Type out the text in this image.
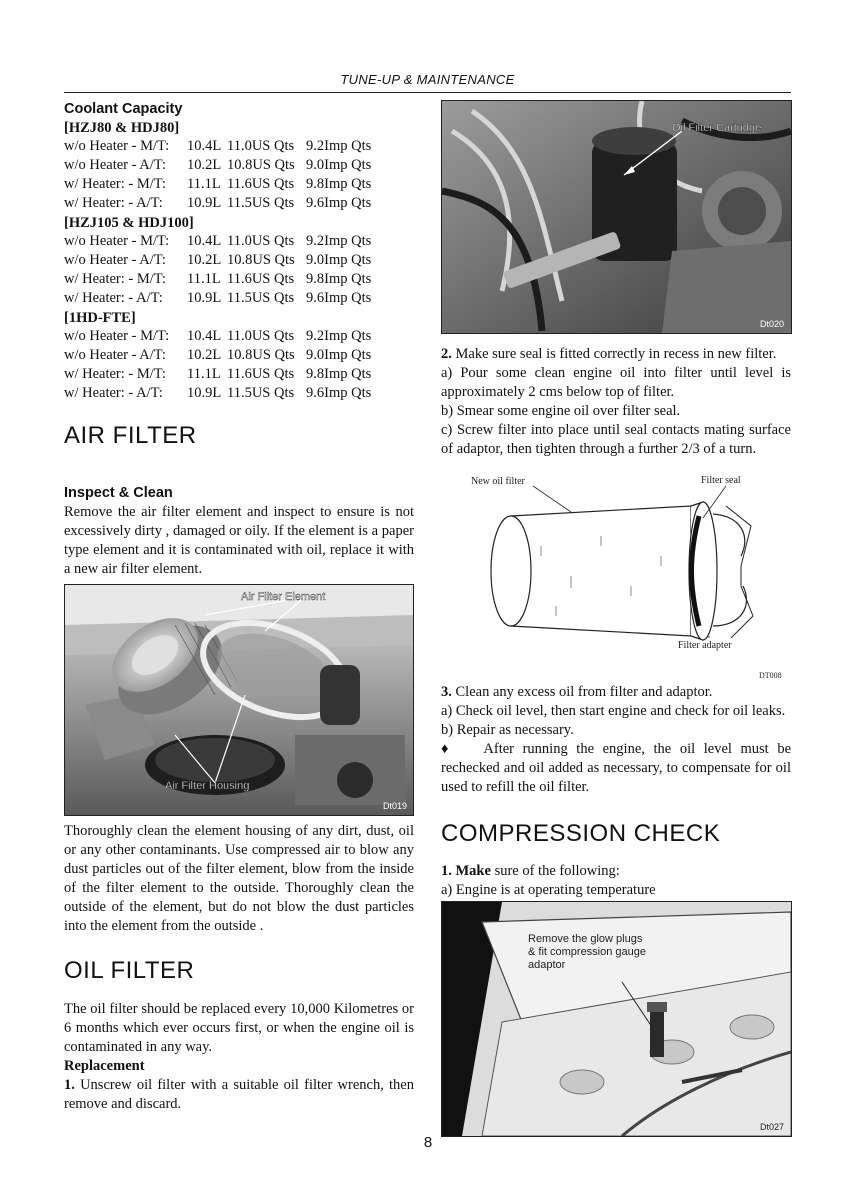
TUNE-UP & MAINTENANCE
Coolant Capacity
[HZJ80 & HDJ80]
w/o Heater - M/T: 10.4L 11.0US Qts 9.2Imp Qts
w/o Heater - A/T: 10.2L 10.8US Qts 9.0Imp Qts
w/ Heater: - M/T: 11.1L 11.6US Qts 9.8Imp Qts
w/ Heater: - A/T: 10.9L 11.5US Qts 9.6Imp Qts
[HZJ105 & HDJ100]
w/o Heater - M/T: 10.4L 11.0US Qts 9.2Imp Qts
w/o Heater - A/T: 10.2L 10.8US Qts 9.0Imp Qts
w/ Heater: - M/T: 11.1L 11.6US Qts 9.8Imp Qts
w/ Heater: - A/T: 10.9L 11.5US Qts 9.6Imp Qts
[1HD-FTE]
w/o Heater - M/T: 10.4L 11.0US Qts 9.2Imp Qts
w/o Heater - A/T: 10.2L 10.8US Qts 9.0Imp Qts
w/ Heater: - M/T: 11.1L 11.6US Qts 9.8Imp Qts
w/ Heater: - A/T: 10.9L 11.5US Qts 9.6Imp Qts
AIR FILTER
Inspect & Clean
Remove the air filter element and inspect to ensure is not excessively dirty , damaged or oily. If the element is a paper type element and it is contaminated with oil, replace it with a new air filter element.
Air Filter Element
Air Filter Housing
Dt019
Thoroughly clean the element housing of any dirt, dust, oil or any other contaminants. Use compressed air to blow any dust particles out of the filter element, blow from the inside of the filter element to the outside. Thoroughly clean the outside of the element, but do not blow the dust particles into the element from the outside .
OIL FILTER
The oil filter should be replaced every 10,000 Kilometres or 6 months which ever occurs first, or when the engine oil is contaminated in any way.
Replacement
1. Unscrew oil filter with a suitable oil filter wrench, then remove and discard.
Oil Filter Cartridge
Dt020
2. Make sure seal is fitted correctly in recess in new filter.
a) Pour some clean engine oil into filter until level is approximately 2 cms below top of filter.
b) Smear some engine oil over filter seal.
c) Screw filter into place until seal contacts mating surface of adaptor, then tighten through a further 2/3 of a turn.
New oil filter	Filter seal
Filter adapter
DT008
3. Clean any excess oil from filter and adaptor.
a) Check oil level, then start engine and check for oil leaks.
b) Repair as necessary.
♦ After running the engine, the oil level must be rechecked and oil added as necessary, to compensate for oil used to refill the oil filter.
COMPRESSION CHECK
1. Make sure of the following:
a) Engine is at operating temperature
Remove the glow plugs
& fit compression gauge
adaptor
Dt027
8
